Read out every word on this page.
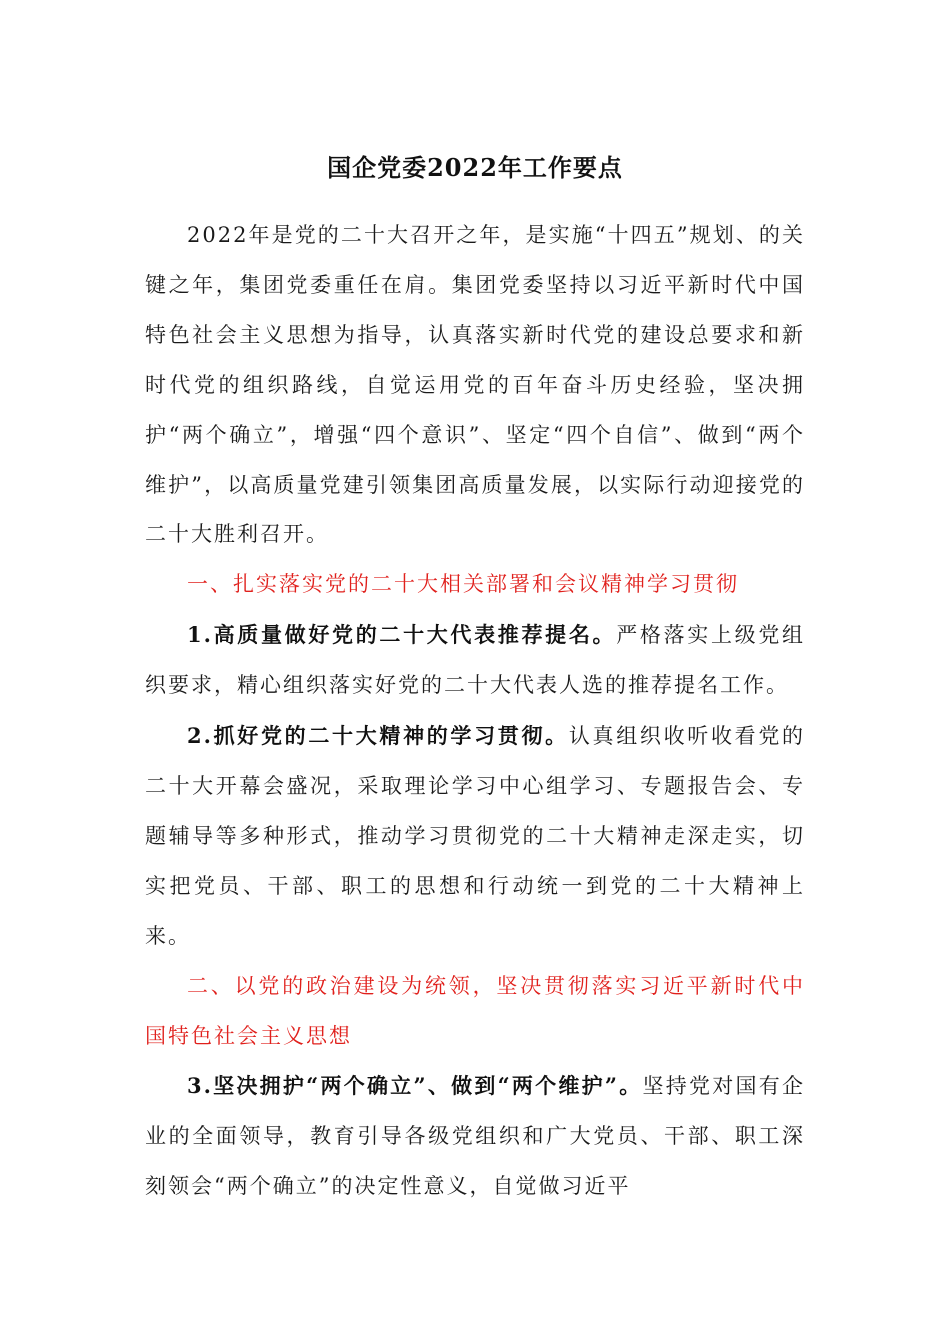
国企党委2022年工作要点

2022年是党的二十大召开之年，是实施“十四五”规划、的关键之年，集团党委重任在肩。集团党委坚持以习近平新时代中国特色社会主义思想为指导，认真落实新时代党的建设总要求和新时代党的组织路线，自觉运用党的百年奋斗历史经验，坚决拥护“两个确立”，增强“四个意识”、坚定“四个自信”、做到“两个维护”，以高质量党建引领集团高质量发展，以实际行动迎接党的二十大胜利召开。

一、扎实落实党的二十大相关部署和会议精神学习贯彻

1.高质量做好党的二十大代表推荐提名。严格落实上级党组织要求，精心组织落实好党的二十大代表人选的推荐提名工作。

2.抓好党的二十大精神的学习贯彻。认真组织收听收看党的二十大开幕会盛况，采取理论学习中心组学习、专题报告会、专题辅导等多种形式，推动学习贯彻党的二十大精神走深走实，切实把党员、干部、职工的思想和行动统一到党的二十大精神上来。

二、以党的政治建设为统领，坚决贯彻落实习近平新时代中国特色社会主义思想

3.坚决拥护“两个确立”、做到“两个维护”。坚持党对国有企业的全面领导，教育引导各级党组织和广大党员、干部、职工深刻领会“两个确立”的决定性意义，自觉做习近平
